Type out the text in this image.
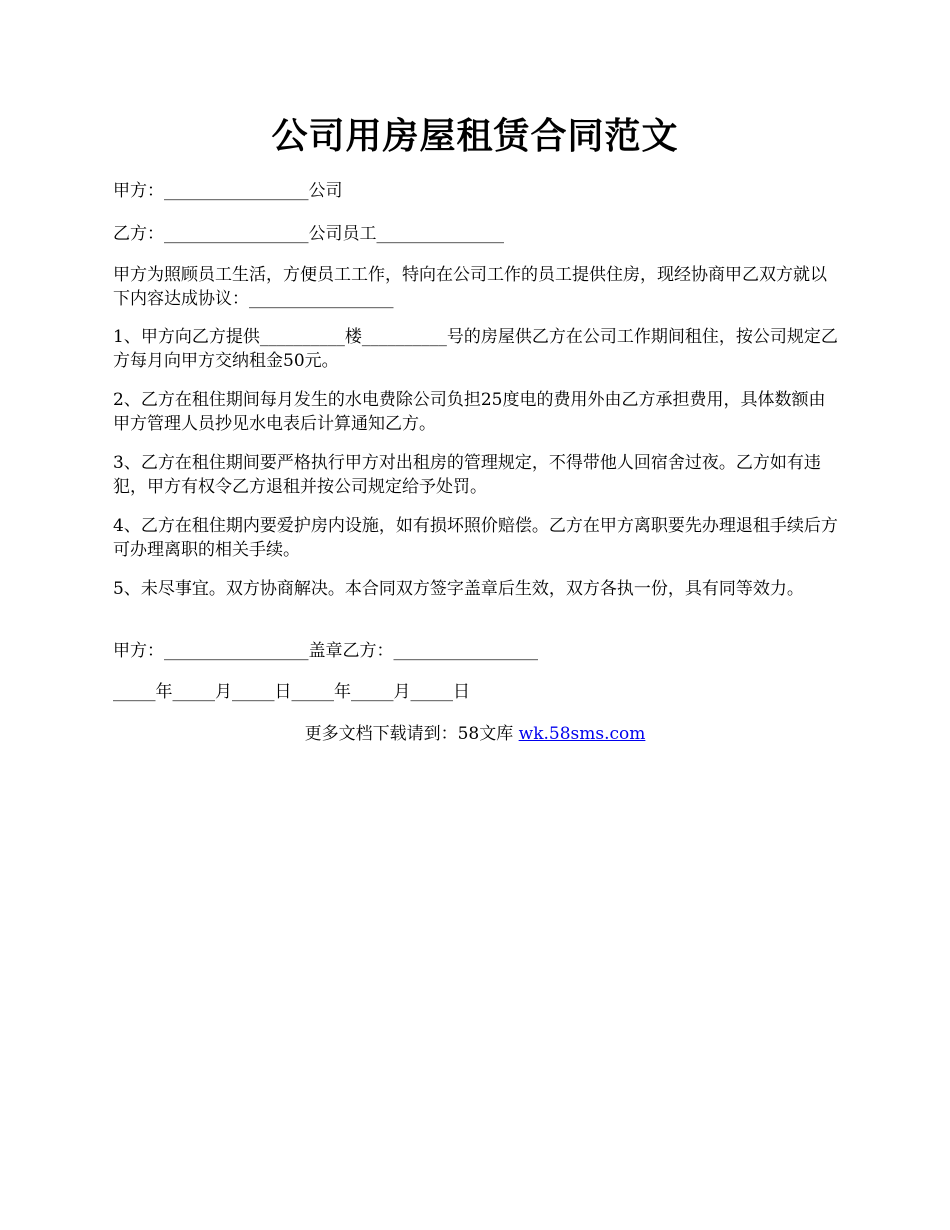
公司用房屋租赁合同范文
甲方：_________________公司
乙方：_________________公司员工_______________
甲方为照顾员工生活，方便员工工作，特向在公司工作的员工提供住房，现经协商甲乙双方就以下内容达成协议：_________________
1、甲方向乙方提供__________楼__________号的房屋供乙方在公司工作期间租住，按公司规定乙方每月向甲方交纳租金50元。
2、乙方在租住期间每月发生的水电费除公司负担25度电的费用外由乙方承担费用，具体数额由甲方管理人员抄见水电表后计算通知乙方。
3、乙方在租住期间要严格执行甲方对出租房的管理规定，不得带他人回宿舍过夜。乙方如有违犯，甲方有权令乙方退租并按公司规定给予处罚。
4、乙方在租住期内要爱护房内设施，如有损坏照价赔偿。乙方在甲方离职要先办理退租手续后方可办理离职的相关手续。
5、未尽事宜。双方协商解决。本合同双方签字盖章后生效，双方各执一份，具有同等效力。
甲方：_________________盖章乙方：_________________
_____年_____月_____日_____年_____月_____日
更多文档下载请到：58文库 wk.58sms.com
